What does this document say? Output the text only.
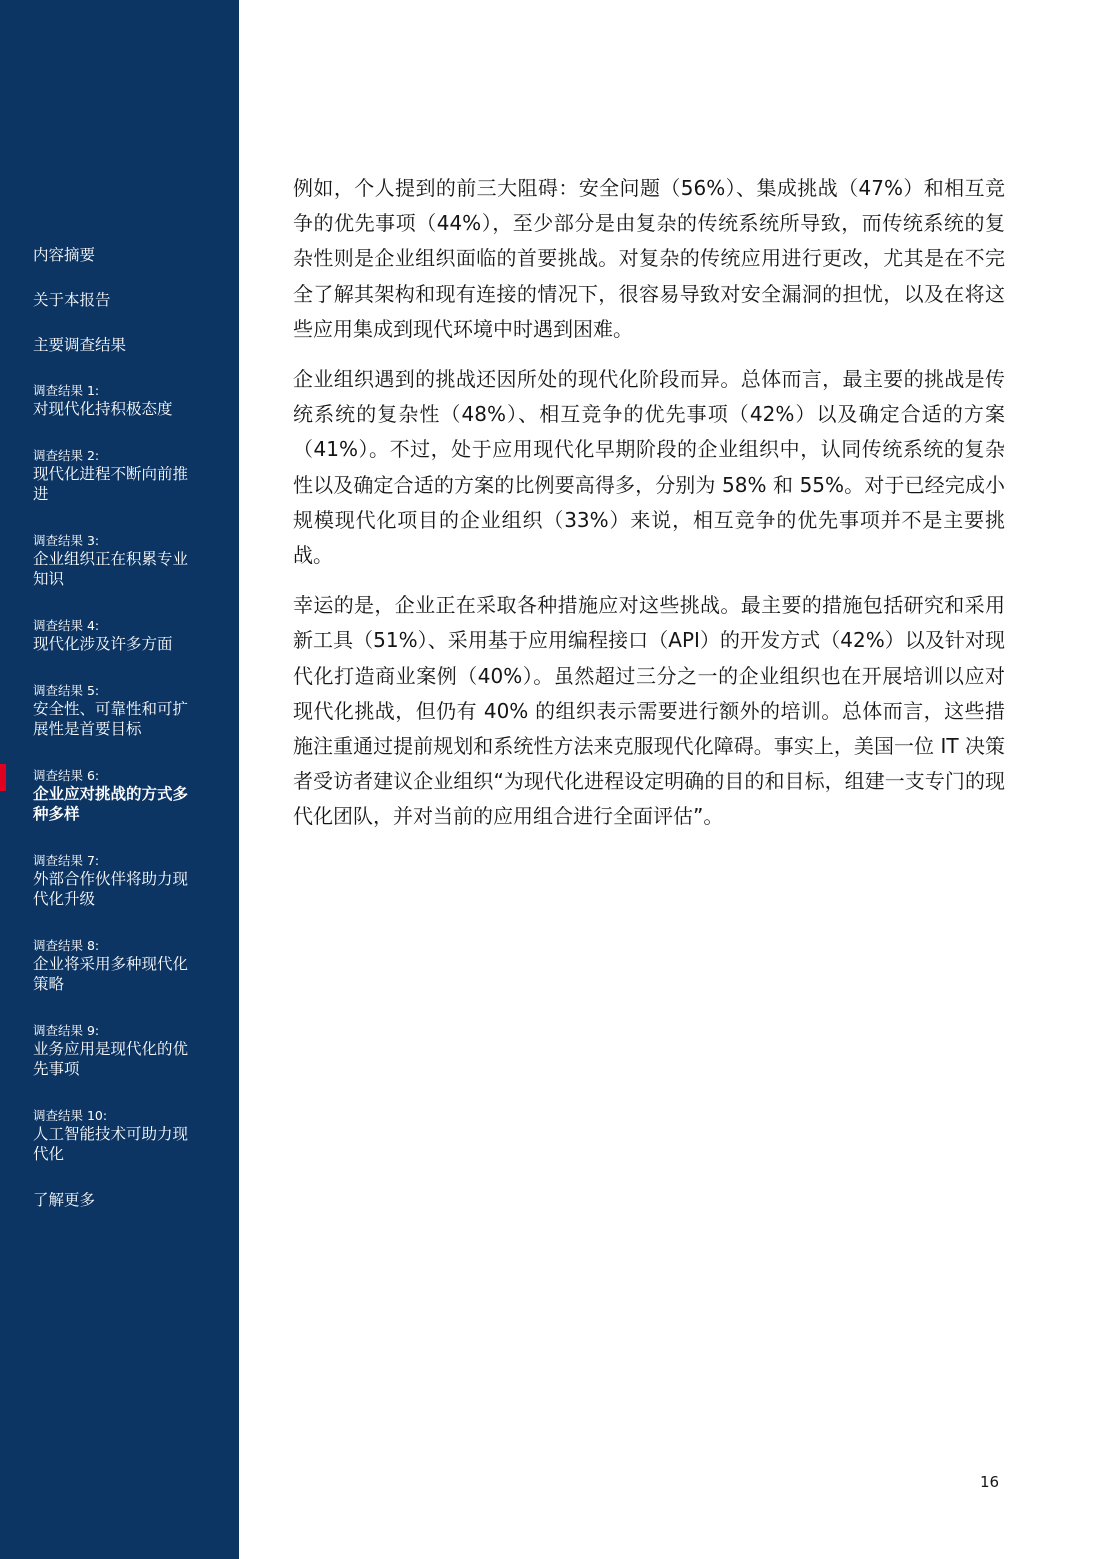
内容摘要
关于本报告
主要调查结果
调查结果 1:
对现代化持积极态度
调查结果 2:
现代化进程不断向前推进
调查结果 3:
企业组织正在积累专业知识
调查结果 4:
现代化涉及许多方面
调查结果 5:
安全性、可靠性和可扩展性是首要目标
调查结果 6:
企业应对挑战的方式多种多样
调查结果 7:
外部合作伙伴将助力现代化升级
调查结果 8:
企业将采用多种现代化策略
调查结果 9:
业务应用是现代化的优先事项
调查结果 10:
人工智能技术可助力现代化
了解更多

例如，个人提到的前三大阻碍：安全问题（56%）、集成挑战（47%）和相互竞争的优先事项（44%），至少部分是由复杂的传统系统所导致，而传统系统的复杂性则是企业组织面临的首要挑战。对复杂的传统应用进行更改，尤其是在不完全了解其架构和现有连接的情况下，很容易导致对安全漏洞的担忧，以及在将这些应用集成到现代环境中时遇到困难。

企业组织遇到的挑战还因所处的现代化阶段而异。总体而言，最主要的挑战是传统系统的复杂性（48%）、相互竞争的优先事项（42%）以及确定合适的方案（41%）。不过，处于应用现代化早期阶段的企业组织中，认同传统系统的复杂性以及确定合适的方案的比例要高得多，分别为 58% 和 55%。对于已经完成小规模现代化项目的企业组织（33%）来说，相互竞争的优先事项并不是主要挑战。

幸运的是，企业正在采取各种措施应对这些挑战。最主要的措施包括研究和采用新工具（51%）、采用基于应用编程接口（API）的开发方式（42%）以及针对现代化打造商业案例（40%）。虽然超过三分之一的企业组织也在开展培训以应对现代化挑战，但仍有 40% 的组织表示需要进行额外的培训。总体而言，这些措施注重通过提前规划和系统性方法来克服现代化障碍。事实上，美国一位 IT 决策者受访者建议企业组织“为现代化进程设定明确的目的和目标，组建一支专门的现代化团队，并对当前的应用组合进行全面评估”。

16
